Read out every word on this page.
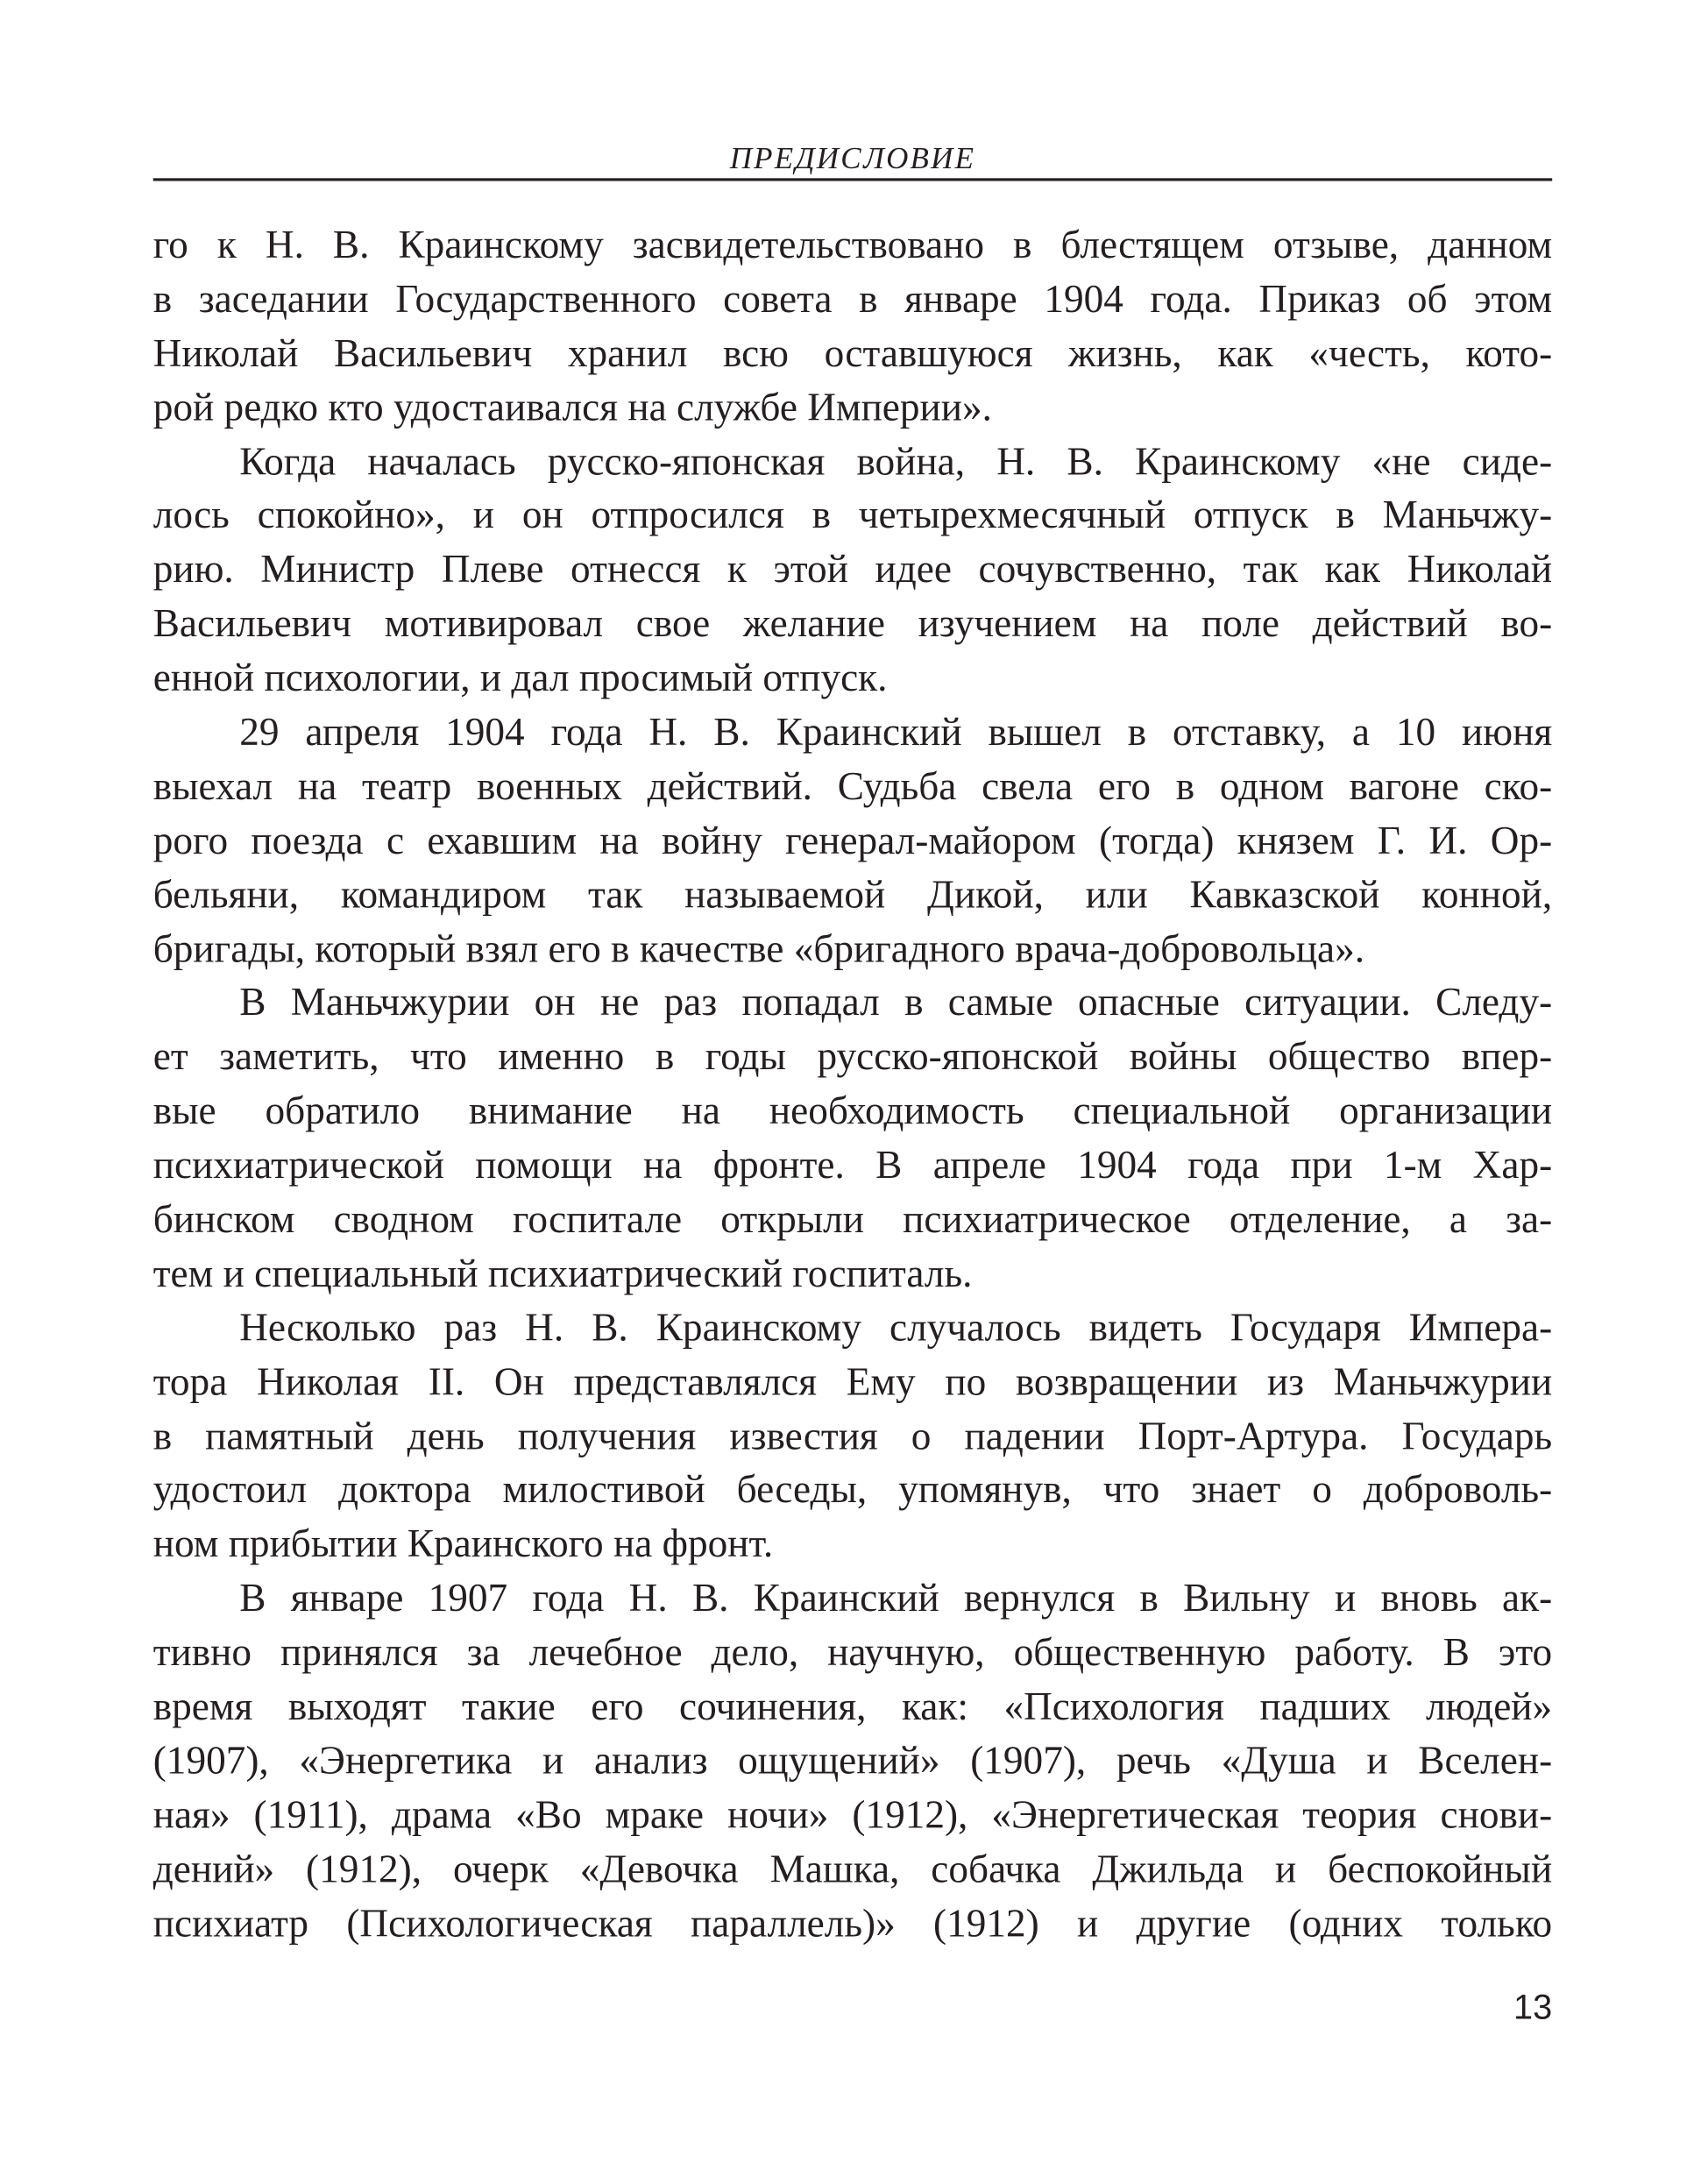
ПРЕДИСЛОВИЕ
го к Н. В. Краинскому засвидетельствовано в блестящем отзыве, данном
в заседании Государственного совета в январе 1904 года. Приказ об этом
Николай Васильевич хранил всю оставшуюся жизнь, как «честь, кото-
рой редко кто удостаивался на службе Империи».
Когда началась русско-японская война, Н. В. Краинскому «не сиде-
лось спокойно», и он отпросился в четырехмесячный отпуск в Маньчжу-
рию. Министр Плеве отнесся к этой идее сочувственно, так как Николай
Васильевич мотивировал свое желание изучением на поле действий во-
енной психологии, и дал просимый отпуск.
29 апреля 1904 года Н. В. Краинский вышел в отставку, а 10 июня
выехал на театр военных действий. Судьба свела его в одном вагоне ско-
рого поезда с ехавшим на войну генерал-майором (тогда) князем Г. И. Ор-
бельяни, командиром так называемой Дикой, или Кавказской конной,
бригады, который взял его в качестве «бригадного врача-добровольца».
В Маньчжурии он не раз попадал в самые опасные ситуации. Следу-
ет заметить, что именно в годы русско-японской войны общество впер-
вые обратило внимание на необходимость специальной организации
психиатрической помощи на фронте. В апреле 1904 года при 1-м Хар-
бинском сводном госпитале открыли психиатрическое отделение, а за-
тем и специальный психиатрический госпиталь.
Несколько раз Н. В. Краинскому случалось видеть Государя Импера-
тора Николая II. Он представлялся Ему по возвращении из Маньчжурии
в памятный день получения известия о падении Порт-Артура. Государь
удостоил доктора милостивой беседы, упомянув, что знает о доброволь-
ном прибытии Краинского на фронт.
В январе 1907 года Н. В. Краинский вернулся в Вильну и вновь ак-
тивно принялся за лечебное дело, научную, общественную работу. В это
время выходят такие его сочинения, как: «Психология падших людей»
(1907), «Энергетика и анализ ощущений» (1907), речь «Душа и Вселен-
ная» (1911), драма «Во мраке ночи» (1912), «Энергетическая теория снови-
дений» (1912), очерк «Девочка Машка, собачка Джильда и беспокойный
психиатр (Психологическая параллель)» (1912) и другие (одних только
13
